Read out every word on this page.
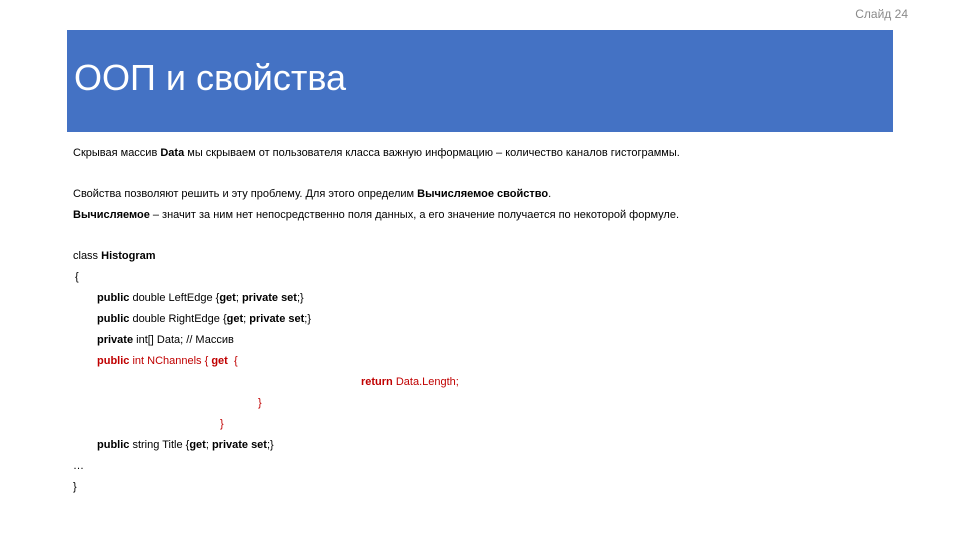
Слайд 24
ООП и свойства
Скрывая массив Data мы скрываем от пользователя класса важную информацию – количество каналов гистограммы.
Свойства позволяют решить и эту проблему. Для этого определим Вычисляемое свойство.
Вычисляемое – значит за ним нет непосредственно поля данных, а его значение получается по некоторой формуле.
class Histogram
{
public double LeftEdge {get; private set;}
public double RightEdge {get; private set;}
private int[] Data; // Массив
public int NChannels { get  {
return Data.Length;
}
}
public string Title {get; private set;}
…
}
